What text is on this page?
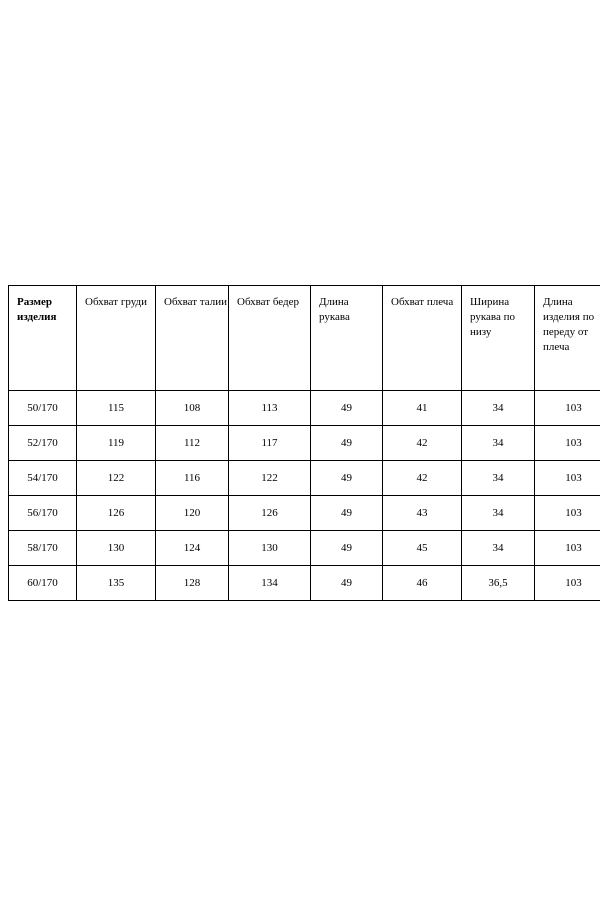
Размер изделия	Обхват груди	Обхват талии	Обхват бедер	Длина рукава	Обхват плеча	Ширина рукава по низу	Длина изделия по переду от плеча
50/170	115	108	113	49	41	34	103
52/170	119	112	117	49	42	34	103
54/170	122	116	122	49	42	34	103
56/170	126	120	126	49	43	34	103
58/170	130	124	130	49	45	34	103
60/170	135	128	134	49	46	36,5	103
